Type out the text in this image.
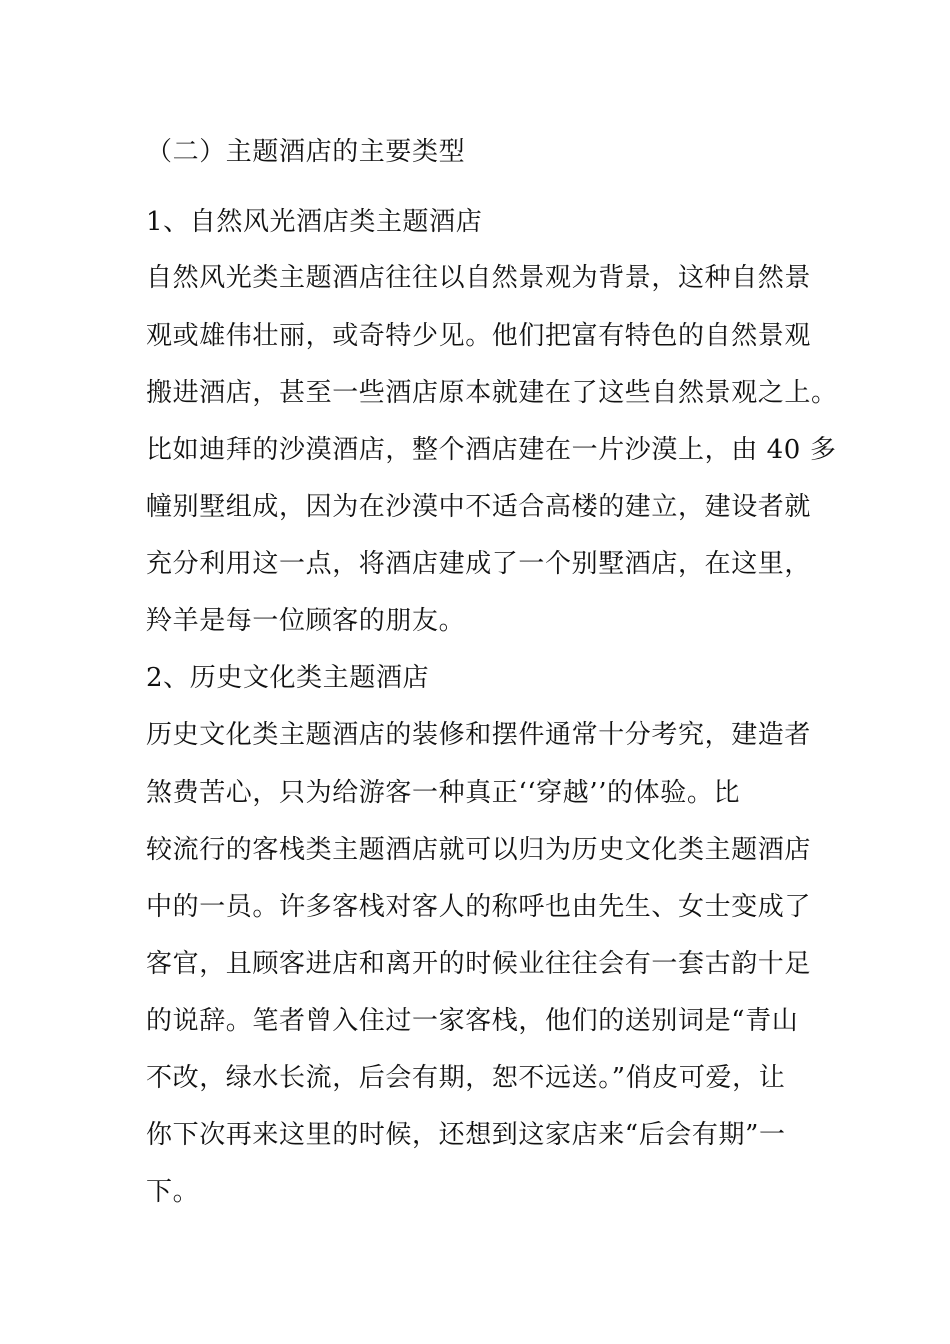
（二）主题酒店的主要类型

1、自然风光酒店类主题酒店

自然风光类主题酒店往往以自然景观为背景，这种自然景

观或雄伟壮丽，或奇特少见。他们把富有特色的自然景观

搬进酒店，甚至一些酒店原本就建在了这些自然景观之上。

比如迪拜的沙漠酒店，整个酒店建在一片沙漠上，由 40 多

幢别墅组成，因为在沙漠中不适合高楼的建立，建设者就

充分利用这一点，将酒店建成了一个别墅酒店，在这里，

羚羊是每一位顾客的朋友。

2、历史文化类主题酒店

历史文化类主题酒店的装修和摆件通常十分考究，建造者

煞费苦心，只为给游客一种真正‘‘穿越’’的体验。比

较流行的客栈类主题酒店就可以归为历史文化类主题酒店

中的一员。许多客栈对客人的称呼也由先生、女士变成了

客官，且顾客进店和离开的时候业往往会有一套古韵十足

的说辞。笔者曾入住过一家客栈，他们的送别词是“青山

不改，绿水长流，后会有期，恕不远送。”俏皮可爱，让

你下次再来这里的时候，还想到这家店来“后会有期”一

下。
